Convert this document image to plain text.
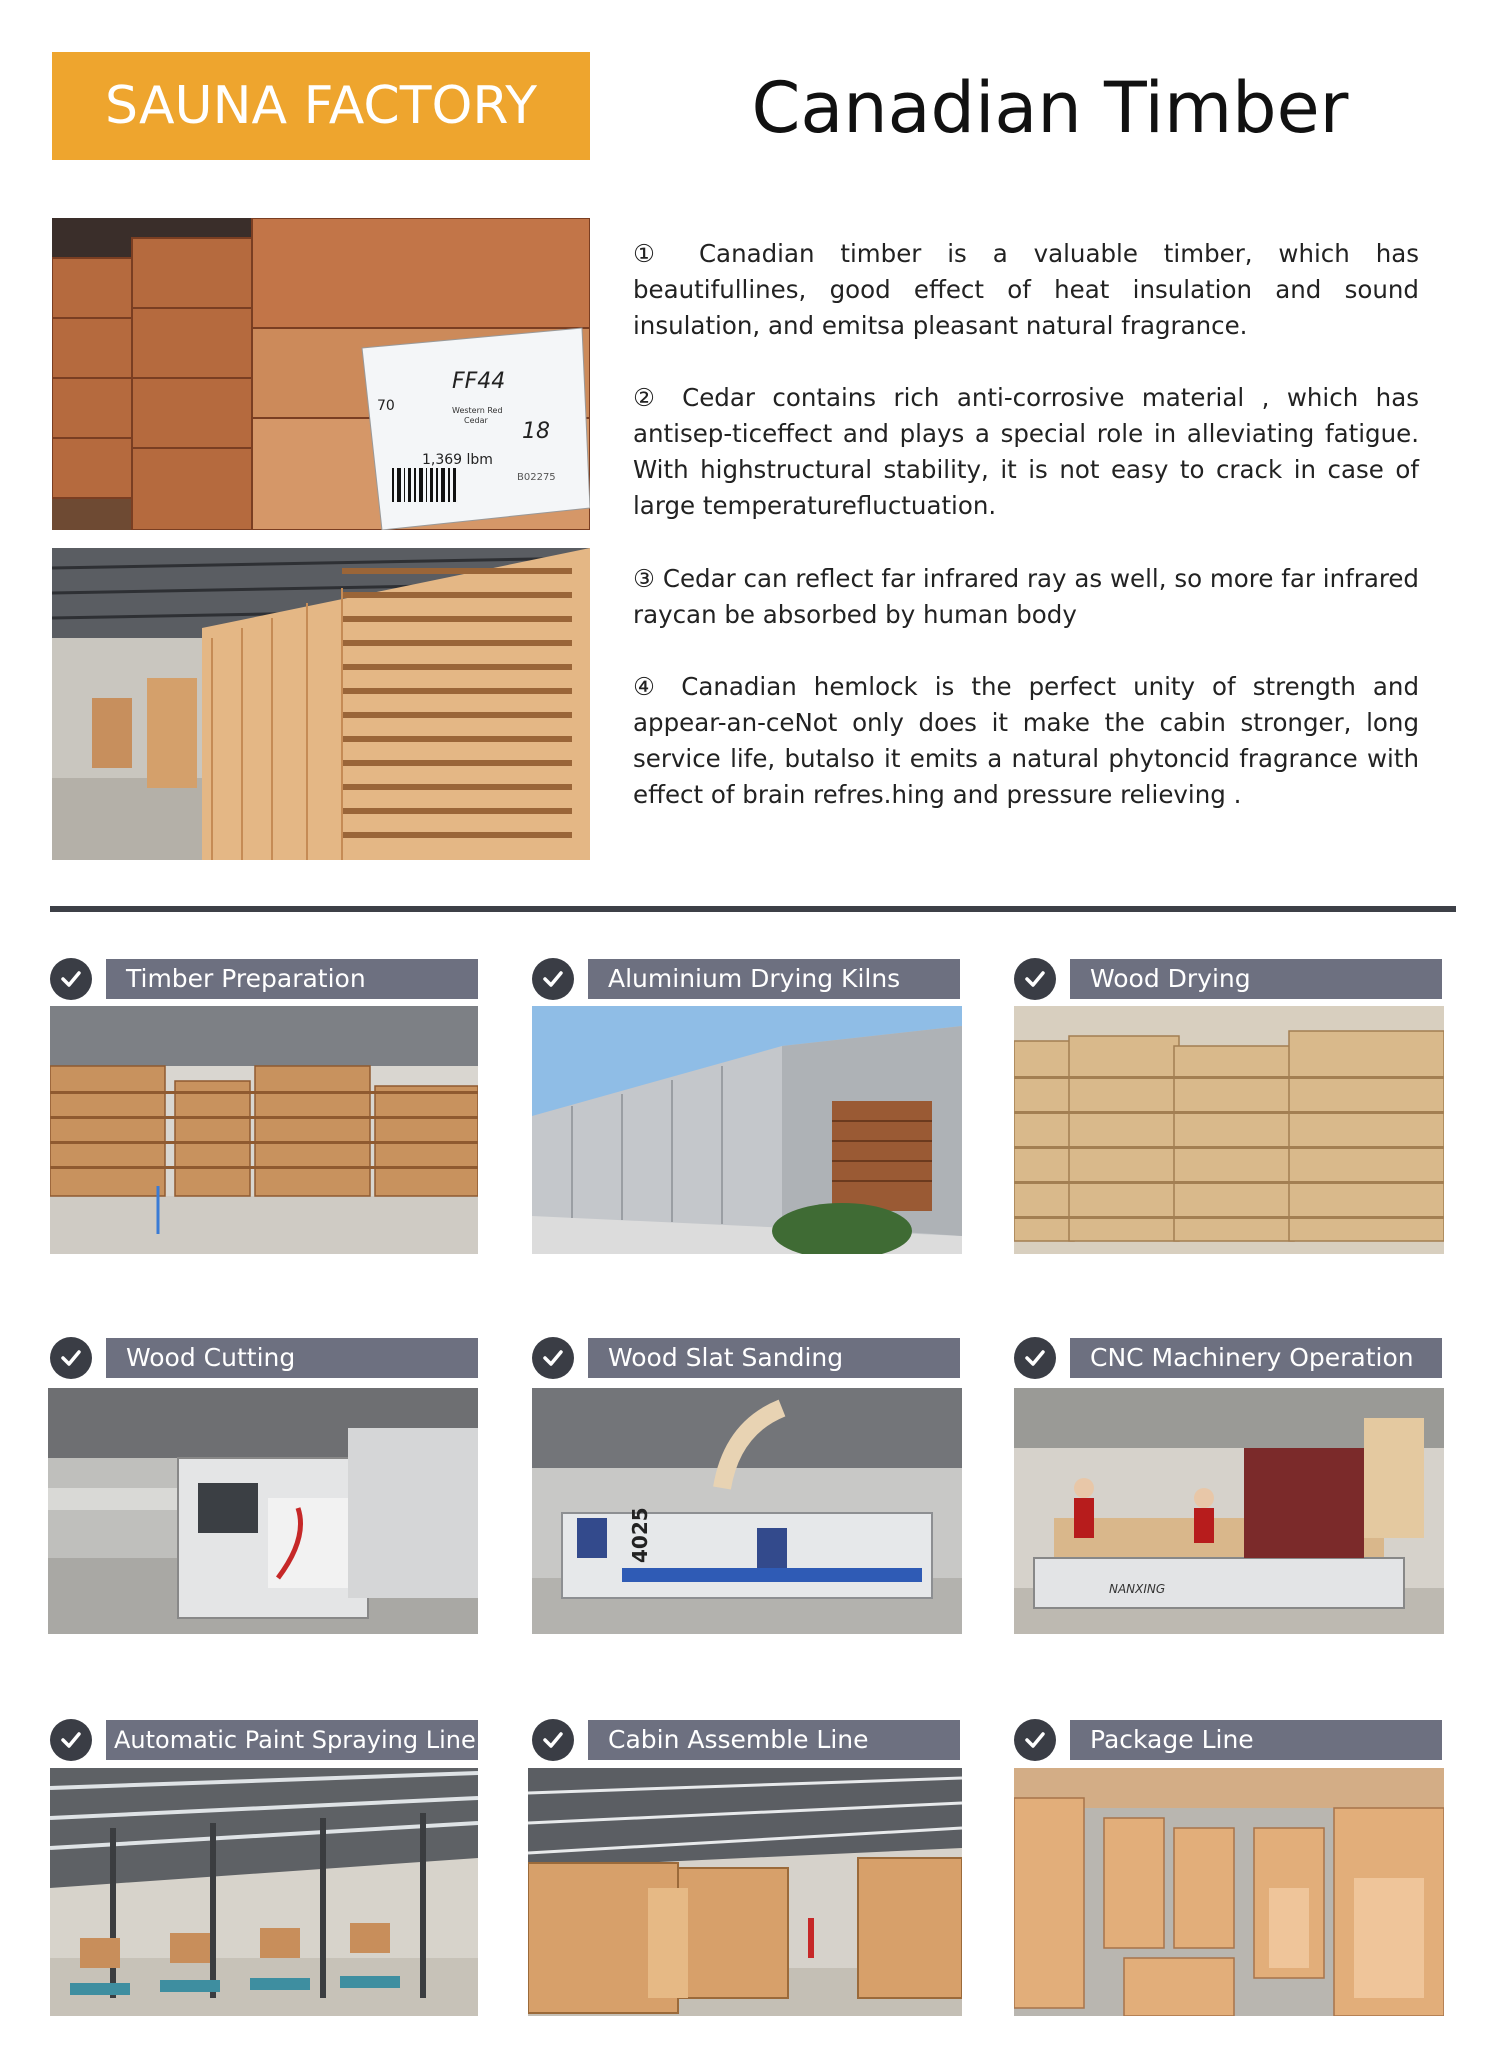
SAUNA FACTORY	Canadian Timber
FF44
70	Western Red
Cedar 18
1,369 lbm
B02275

① Canadian timber is a valuable timber, which has beautifullines, good effect of heat insulation and sound insulation, and emitsa pleasant natural fragrance.

② Cedar contains rich anti-corrosive material , which has antisep-ticeffect and plays a special role in alleviating fatigue. With highstructural stability, it is not easy to crack in case of large temperaturefluctuation.

③ Cedar can reflect far infrared ray as well, so more far infrared raycan be absorbed by human body

④ Canadian hemlock is the perfect unity of strength and appear-an-ceNot only does it make the cabin stronger, long service life, butalso it emits a natural phytoncid fragrance with effect of brain refres.hing and pressure relieving .

Timber Preparation	Aluminium Drying Kilns	Wood Drying
Wood Cutting	Wood Slat Sanding
4025
CNC Machinery Operation
NANXING
Automatic Paint Spraying Line	Cabin Assemble Line	Package Line
